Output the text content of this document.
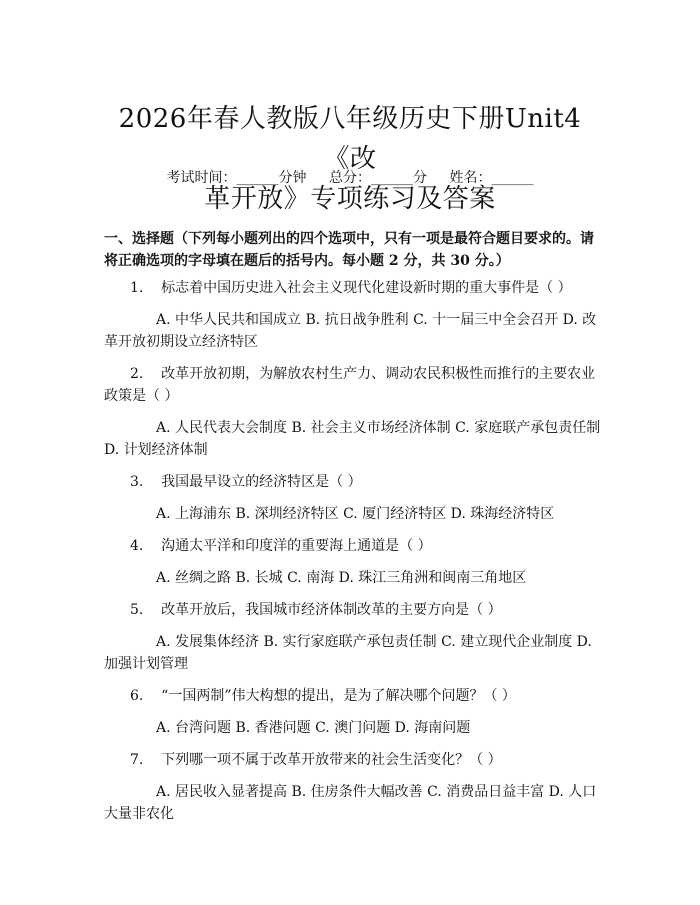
2026年春人教版八年级历史下册Unit4《改
革开放》专项练习及答案
考试时间：______分钟 总分：______分 姓名：______
一、选择题（下列每小题列出的四个选项中，只有一项是最符合题目要求的。请将正确选项的字母填在题后的括号内。每小题 2 分，共 30 分。）

1.    标志着中国历史进入社会主义现代化建设新时期的重大事件是（ ）

A. 中华人民共和国成立 B. 抗日战争胜利 C. 十一届三中全会召开 D. 改革开放初期设立经济特区

2.    改革开放初期，为解放农村生产力、调动农民积极性而推行的主要农业政策是（ ）

A. 人民代表大会制度 B. 社会主义市场经济体制 C. 家庭联产承包责任制 D. 计划经济体制

3.    我国最早设立的经济特区是（ ）

A. 上海浦东 B. 深圳经济特区 C. 厦门经济特区 D. 珠海经济特区

4.    沟通太平洋和印度洋的重要海上通道是（ ）

A. 丝绸之路 B. 长城 C. 南海 D. 珠江三角洲和闽南三角地区

5.    改革开放后，我国城市经济体制改革的主要方向是（ ）

A. 发展集体经济 B. 实行家庭联产承包责任制 C. 建立现代企业制度 D. 加强计划管理

6.    “一国两制”伟大构想的提出，是为了解决哪个问题？（ ）

A. 台湾问题 B. 香港问题 C. 澳门问题 D. 海南问题

7.    下列哪一项不属于改革开放带来的社会生活变化？（ ）

A. 居民收入显著提高 B. 住房条件大幅改善 C. 消费品日益丰富 D. 人口大量非农化
